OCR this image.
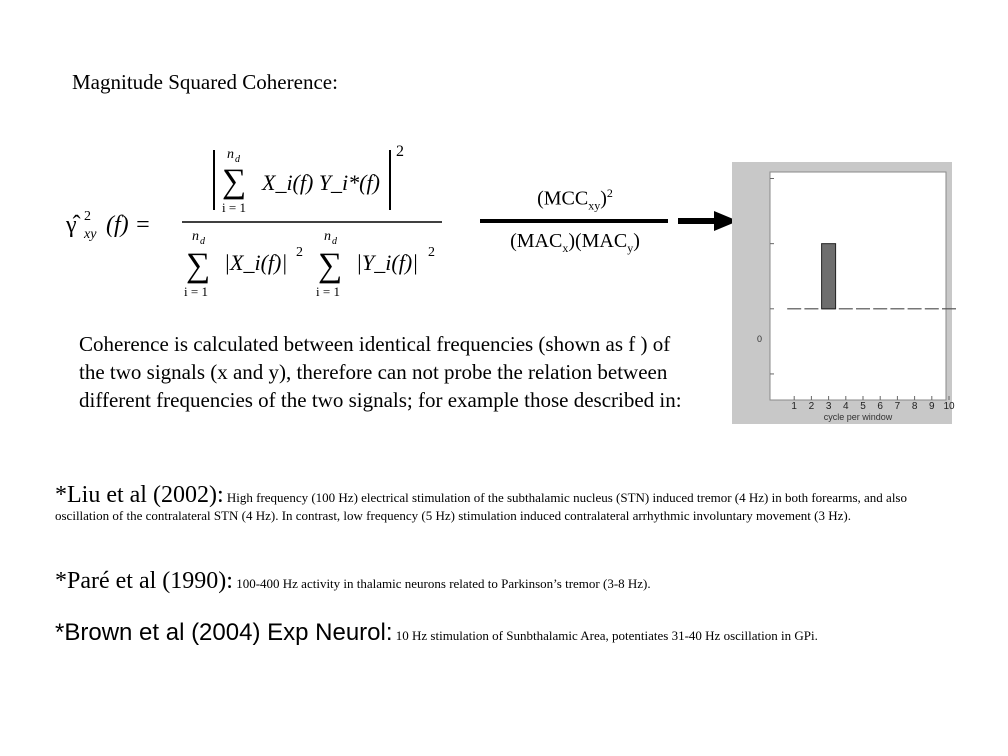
Magnitude Squared Coherence:
γ̂ 2
xy (f) =
n d
∑
i = 1
X_i(f) Y_i*(f)
2
n d
∑
i = 1
|X_i(f)| 2
n d
∑
i = 1
|Y_i(f)| 2
$(MCC_{xy})^2$
$(MAC_x)(MAC_y)$
1 2 3 4 5 6 7 8 9 10
cycle per window
0
Coherence is calculated between identical frequencies (shown as f ) of the two signals (x and y), therefore can not probe the relation between different frequencies of the two signals; for example those described in:
*Liu et al (2002): High frequency (100 Hz) electrical stimulation of the subthalamic nucleus (STN) induced tremor (4 Hz) in both forearms, and also oscillation of the contralateral STN (4 Hz). In contrast, low frequency (5 Hz) stimulation induced contralateral arrhythmic involuntary movement (3 Hz).
*Paré et al (1990): 100-400 Hz activity in thalamic neurons related to Parkinson’s tremor (3-8 Hz).
*Brown et al (2004) Exp Neurol: 10 Hz stimulation of Sunbthalamic Area, potentiates 31-40 Hz oscillation in GPi.
